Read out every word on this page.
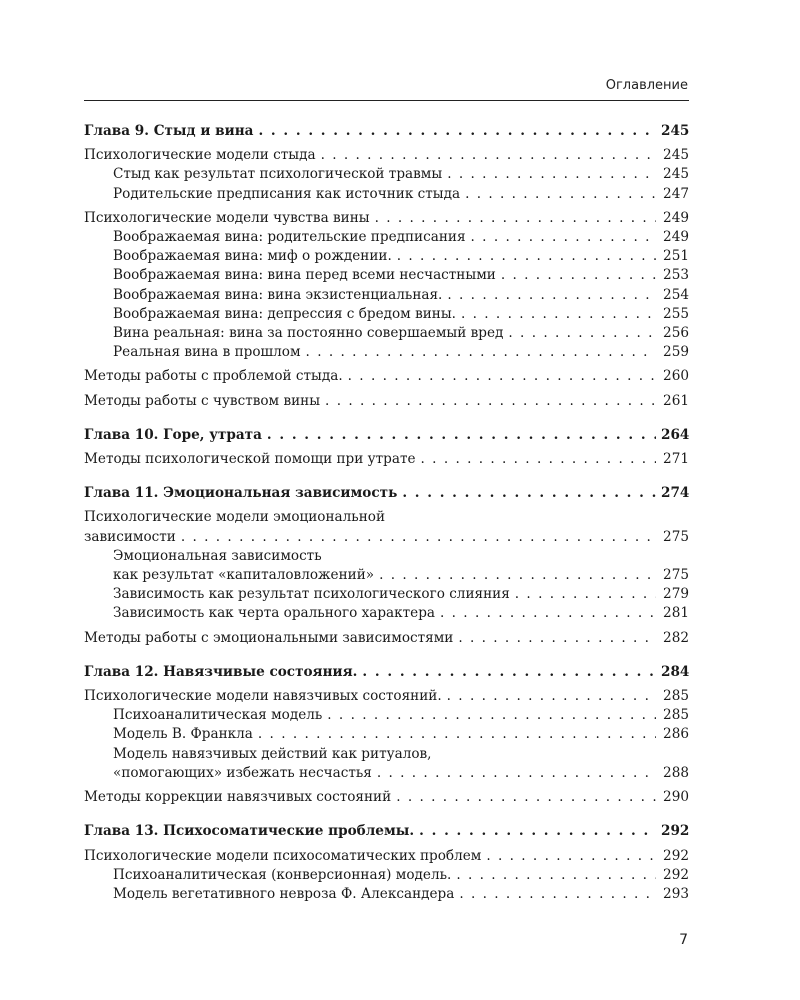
Оглавление
Глава 9. Стыд и вина . . .	245
Психологические модели стыда . . .	245
Стыд как результат психологической травмы . . .	245
Родительские предписания как источник стыда . . .	247
Психологические модели чувства вины . . .	249
Воображаемая вина: родительские предписания . . .	249
Воображаемая вина: миф о рождении. . . .	251
Воображаемая вина: вина перед всеми несчастными . . .	253
Воображаемая вина: вина экзистенциальная. . . .	254
Воображаемая вина: депрессия с бредом вины. . . .	255
Вина реальная: вина за постоянно совершаемый вред . . .	256
Реальная вина в прошлом . . .	259
Методы работы с проблемой стыда. . . .	260
Методы работы с чувством вины . . .	261
Глава 10. Горе, утрата . . .	264
Методы психологической помощи при утрате . . .	271
Глава 11. Эмоциональная зависимость . . .	274
Психологические модели эмоциональной
зависимости . . .	275
Эмоциональная зависимость
как результат «капиталовложений» . . .	275
Зависимость как результат психологического слияния . . .	279
Зависимость как черта орального характера . . .	281
Методы работы с эмоциональными зависимостями . . .	282
Глава 12. Навязчивые состояния. . . .	284
Психологические модели навязчивых состояний. . . .	285
Психоаналитическая модель . . .	285
Модель В. Франкла . . .	286
Модель навязчивых действий как ритуалов,
«помогающих» избежать несчастья . . .	288
Методы коррекции навязчивых состояний . . .	290
Глава 13. Психосоматические проблемы. . . .	292
Психологические модели психосоматических проблем . . .	292
Психоаналитическая (конверсионная) модель. . . .	292
Модель вегетативного невроза Ф. Александера . . .	293
7
